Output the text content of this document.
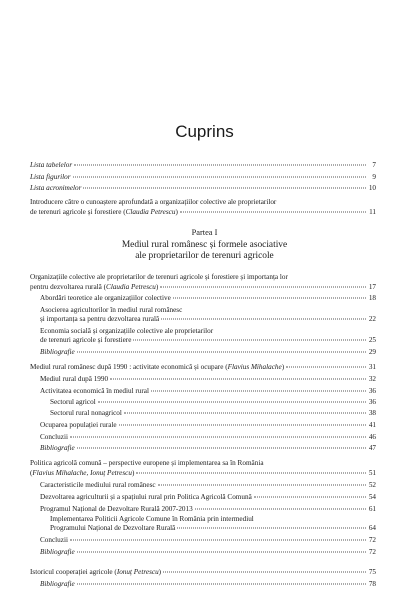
Cuprins
Lista tabelelor	7
Lista figurilor	9
Lista acronimelor	10
Introducere către o cunoaștere aprofundată a organizațiilor colective ale proprietarilor
de terenuri agricole și forestiere (Claudia Petrescu)	11
Organizațiile colective ale proprietarilor de terenuri agricole și forestiere și importanța lor
pentru dezvoltarea rurală (Claudia Petrescu)	17
Abordări teoretice ale organizațiilor colective	18
Asocierea agricultorilor în mediul rural românesc
și importanța sa pentru dezvoltarea rurală	22
Economia socială și organizațiile colective ale proprietarilor
de terenuri agricole și forestiere	25
Bibliografie	29
Mediul rural românesc după 1990 : activitate economică și ocupare (Flavius Mihalache)	31
Mediul rural după 1990	32
Activitatea economică în mediul rural	36
Sectorul agricol	36
Sectorul rural nonagricol	38
Ocuparea populației rurale	41
Concluzii	46
Bibliografie	47
Politica agricolă comună – perspective europene și implementarea sa în România
(Flavius Mihalache, Ionuț Petrescu)	51
Caracteristicile mediului rural românesc	52
Dezvoltarea agriculturii și a spațiului rural prin Politica Agricolă Comună	54
Programul Național de Dezvoltare Rurală 2007-2013	61
Implementarea Politicii Agricole Comune în România prin intermediul
Programului Național de Dezvoltare Rurală	64
Concluzii	72
Bibliografie	72
Istoricul cooperației agricole (Ionuț Petrescu)	75
Bibliografie	78
Partea I
Mediul rural românesc și formele asociative
ale proprietarilor de terenuri agricole
